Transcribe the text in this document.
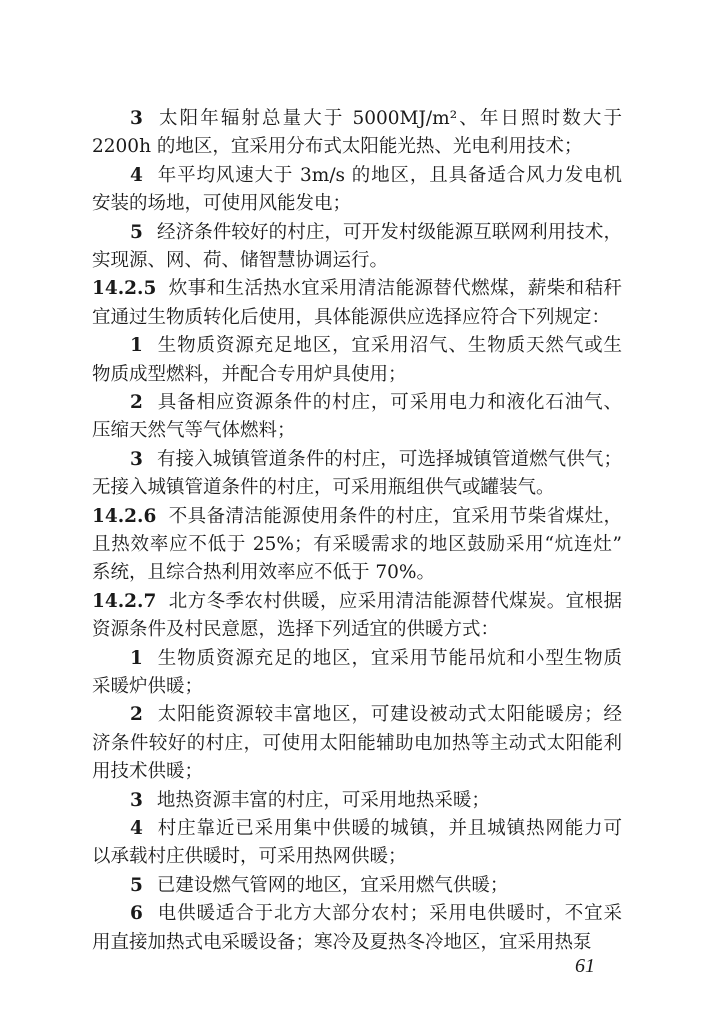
3 太阳年辐射总量大于 5000MJ/m²、年日照时数大于
2200h 的地区，宜采用分布式太阳能光热、光电利用技术；
4 年平均风速大于 3m/s 的地区，且具备适合风力发电机
安装的场地，可使用风能发电；
5 经济条件较好的村庄，可开发村级能源互联网利用技术，
实现源、网、荷、储智慧协调运行。
14.2.5 炊事和生活热水宜采用清洁能源替代燃煤，薪柴和秸秆
宜通过生物质转化后使用，具体能源供应选择应符合下列规定：
1 生物质资源充足地区，宜采用沼气、生物质天然气或生
物质成型燃料，并配合专用炉具使用；
2 具备相应资源条件的村庄，可采用电力和液化石油气、
压缩天然气等气体燃料；
3 有接入城镇管道条件的村庄，可选择城镇管道燃气供气；
无接入城镇管道条件的村庄，可采用瓶组供气或罐装气。
14.2.6 不具备清洁能源使用条件的村庄，宜采用节柴省煤灶，
且热效率应不低于 25%；有采暖需求的地区鼓励采用“炕连灶”
系统，且综合热利用效率应不低于 70%。
14.2.7 北方冬季农村供暖，应采用清洁能源替代煤炭。宜根据
资源条件及村民意愿，选择下列适宜的供暖方式：
1 生物质资源充足的地区，宜采用节能吊炕和小型生物质
采暖炉供暖；
2 太阳能资源较丰富地区，可建设被动式太阳能暖房；经
济条件较好的村庄，可使用太阳能辅助电加热等主动式太阳能利
用技术供暖；
3 地热资源丰富的村庄，可采用地热采暖；
4 村庄靠近已采用集中供暖的城镇，并且城镇热网能力可
以承载村庄供暖时，可采用热网供暖；
5 已建设燃气管网的地区，宜采用燃气供暖；
6 电供暖适合于北方大部分农村；采用电供暖时，不宜采
用直接加热式电采暖设备；寒冷及夏热冬冷地区，宜采用热泵
61
